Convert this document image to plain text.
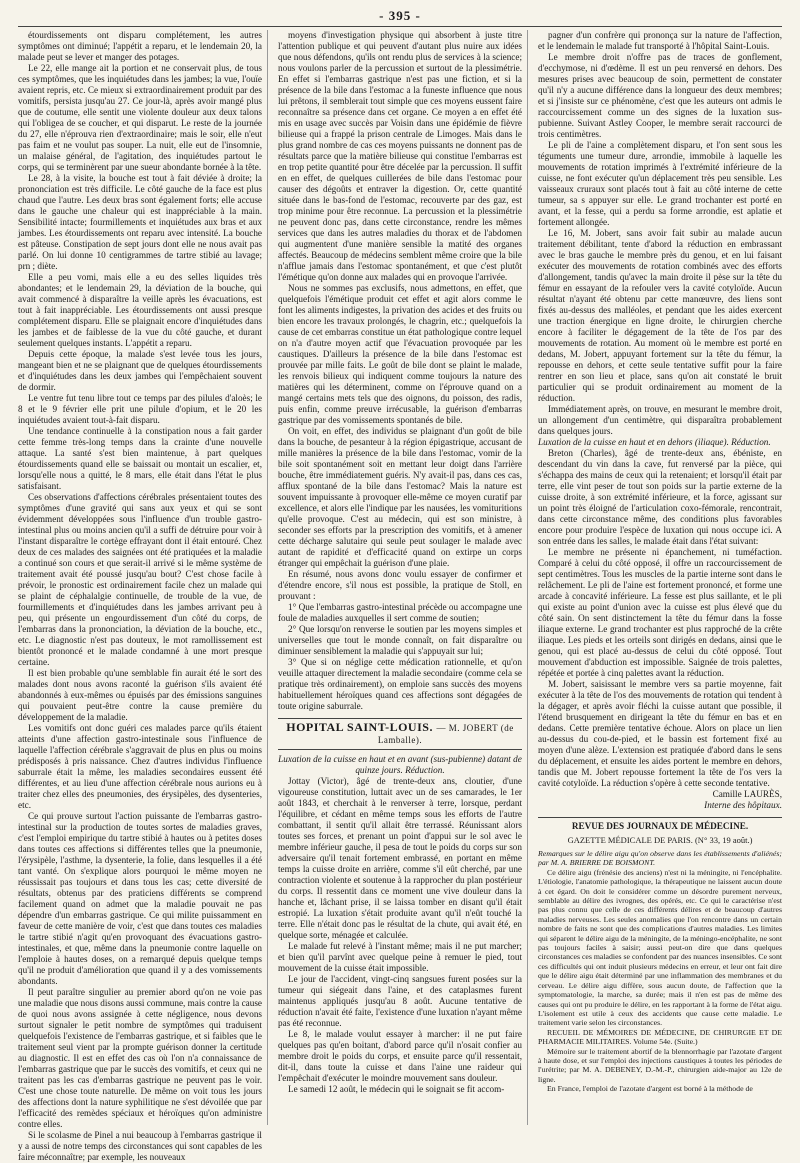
- 395 -

étourdissements ont disparu complétement, les autres symptômes ont diminué; l'appétit a reparu, et le lendemain 20, la malade peut se lever et manger des potages.

Le 22, elle mange ait la portion et ne conservait plus, de tous ces symptômes, que les inquiétudes dans les jambes; la vue, l'ouïe avaient repris, etc. Ce mieux si extraordinairement produit par des vomitifs, persista jusqu'au 27. Ce jour-là, après avoir mangé plus que de coutume, elle sentit une violente douleur aux deux talons qui l'obligea de se coucher, et qui disparut. Le reste de la journée du 27, elle n'éprouva rien d'extraordinaire; mais le soir, elle n'eut pas faim et ne voulut pas souper. La nuit, elle eut de l'insomnie, un malaise général, de l'agitation, des inquiétudes partout le corps, qui se terminèrent par une sueur abondante bornée à la tête.

Le 28, à la visite, la bouche est tout à fait déviée à droite; la prononciation est très difficile. Le côté gauche de la face est plus chaud que l'autre. Les deux bras sont également forts; elle accuse dans le gauche une chaleur qui est inappréciable à la main. Sensibilité intacte; fourmillements et inquiétudes aux bras et aux jambes. Les étourdissements ont reparu avec intensité. La bouche est pâteuse. Constipation de sept jours dont elle ne nous avait pas parlé. On lui donne 10 centigrammes de tartre stibié au lavage; prn ; diète.

Elle a peu vomi, mais elle a eu des selles liquides très abondantes; et le lendemain 29, la déviation de la bouche, qui avait commencé à disparaître la veille après les évacuations, est tout à fait inappréciable. Les étourdissements ont aussi presque complétement disparu. Elle se plaignait encore d'inquiétudes dans les jambes et de faiblesse de la vue du côté gauche, et durant seulement quelques instants. L'appétit a reparu.

Depuis cette époque, la malade s'est levée tous les jours, mangeant bien et ne se plaignant que de quelques étourdissements et d'inquiétudes dans les deux jambes qui l'empêchaient souvent de dormir.

Le ventre fut tenu libre tout ce temps par des pilules d'aloès; le 8 et le 9 février elle prit une pilule d'opium, et le 20 les inquiétudes avaient tout-à-fait disparu.

Une tendance continuelle à la constipation nous a fait garder cette femme très-long temps dans la crainte d'une nouvelle attaque. La santé s'est bien maintenue, à part quelques étourdissements quand elle se baissait ou montait un escalier, et, lorsqu'elle nous a quitté, le 8 mars, elle était dans l'état le plus satisfaisant.

Ces observations d'affections cérébrales présentaient toutes des symptômes d'une gravité qui sans aux yeux et qui se sont évidemment développées sous l'influence d'un trouble gastro-intestinal plus ou moins ancien qu'il a suffi de détruire pour voir à l'instant disparaître le cortège effrayant dont il était entouré. Chez deux de ces malades des saignées ont été pratiquées et la maladie a continué son cours et que serait-il arrivé si le même système de traitement avait été poussé jusqu'au bout? C'est chose facile à prévoir, le pronostic est ordinairement facile chez un malade qui se plaint de céphalalgie continuelle, de trouble de la vue, de fourmillements et d'inquiétudes dans les jambes arrivant peu à peu, qui présente un engourdissement d'un côté du corps, de l'embarras dans la prononciation, la déviation de la bouche, etc., etc. Le diagnostic n'est pas douteux, le mot ramollissement est bientôt prononcé et le malade condamné à une mort presque certaine.

Il est bien probable qu'une semblable fin aurait été le sort des malades dont nous avons raconté la guérison s'ils avaient été abandonnés à eux-mêmes ou épuisés par des émissions sanguines qui pouvaient peut-être contre la cause première du développement de la maladie.

Les vomitifs ont donc guéri ces malades parce qu'ils étaient atteints d'une affection gastro-intestinale sous l'influence de laquelle l'affection cérébrale s'aggravait de plus en plus ou moins prédisposés à pris naissance. Chez d'autres individus l'influence saburrale était la même, les maladies secondaires eussent été différentes, et au lieu d'une affection cérébrale nous aurions eu à traiter chez elles des pneumonies, des érysipèles, des dysenteries, etc.

Ce qui prouve surtout l'action puissante de l'embarras gastro-intestinal sur la production de toutes sortes de maladies graves, c'est l'emploi empirique du tartre stibié à hautes ou à petites doses dans toutes ces affections si différentes telles que la pneumonie, l'érysipèle, l'asthme, la dysenterie, la folie, dans lesquelles il a été tant vanté. On s'explique alors pourquoi le même moyen ne réussissait pas toujours et dans tous les cas; cette diversité de résultats, obtenus par des praticiens différents se comprend facilement quand on admet que la maladie pouvait ne pas dépendre d'un embarras gastrique. Ce qui milite puissamment en faveur de cette manière de voir, c'est que dans toutes ces maladies le tartre stibié n'agit qu'en provoquant des évacuations gastro-intestinales, et que, même dans la pneumonie contre laquelle on l'emploie à hautes doses, on a remarqué depuis quelque temps qu'il ne produit d'amélioration que quand il y a des vomissements abondants.

Il peut paraître singulier au premier abord qu'on ne voie pas une maladie que nous disons aussi commune, mais contre la cause de quoi nous avons assignée à cette négligence, nous devons surtout signaler le petit nombre de symptômes qui traduisent quelquefois l'existence de l'embarras gastrique, et si faibles que le traitement seul vient par la prompte guérison donner la certitude au diagnostic. Il est en effet des cas où l'on n'a connaissance de l'embarras gastrique que par le succès des vomitifs, et ceux qui ne traitent pas les cas d'embarras gastrique ne peuvent pas le voir. C'est une chose toute naturelle. De même on voit tous les jours des affections dont la nature syphilitique ne s'est dévoilée que par l'efficacité des remèdes spéciaux et héroïques qu'on administre contre elles.

Si le scolasme de Pinel a nui beaucoup à l'embarras gastrique il y a aussi de notre temps des circonstances qui sont capables de les faire méconnaître; par exemple, les nouveaux

moyens d'investigation physique qui absorbent à juste titre l'attention publique et qui peuvent d'autant plus nuire aux idées que nous défendons, qu'ils ont rendu plus de services à la science; nous voulons parler de la percussion et surtout de la plessimétrie. En effet si l'embarras gastrique n'est pas une fiction, et si la présence de la bile dans l'estomac a la funeste influence que nous lui prêtons, il semblerait tout simple que ces moyens eussent faire reconnaître sa présence dans cet organe. Ce moyen a en effet été mis en usage avec succès par Voisin dans une épidémie de fièvre bilieuse qui a frappé la prison centrale de Limoges. Mais dans le plus grand nombre de cas ces moyens puissants ne donnent pas de résultats parce que la matière bilieuse qui constitue l'embarras est en trop petite quantité pour être décelée par la percussion. Il suffit en en effet, de quelques cuillerées de bile dans l'estomac pour causer des dégoûts et entraver la digestion. Or, cette quantité située dans le bas-fond de l'estomac, recouverte par des gaz, est trop minime pour être reconnue. La percussion et la plessimétrie ne peuvent donc pas, dans cette circonstance, rendre les mêmes services que dans les autres maladies du thorax et de l'abdomen qui augmentent d'une manière sensible la matité des organes affectés. Beaucoup de médecins semblent même croire que la bile n'affluе jamais dans l'estomac spontanément, et que c'est plutôt l'émétique qu'on donne aux malades qui en provoque l'arrivée.

Nous ne sommes pas exclusifs, nous admettons, en effet, que quelquefois l'émétique produit cet effet et agit alors comme le font les aliments indigestes, la privation des acides et des fruits ou bien encore les travaux prolongés, le chagrin, etc.; quelquefois la cause de cet embarras constitue un état pathologique contre lequel on n'a d'autre moyen actif que l'évacuation provoquée par les caustiques. D'ailleurs la présence de la bile dans l'estomac est prouvée par mille faits. Le goût de bile dont se plaint le malade, les renvois bilieux qui indiquent comme toujours la nature des matières qui les déterminent, comme on l'éprouve quand on a mangé certains mets tels que des oignons, du poisson, des radis, puis enfin, comme preuve irrécusable, la guérison d'embarras gastrique par des vomissements spontanés de bile.

On voit, en effet, des individus se plaignant d'un goût de bile dans la bouche, de pesanteur à la région épigastrique, accusant de mille manières la présence de la bile dans l'estomac, vomir de la bile soit spontanément soit en mettant leur doigt dans l'arrière bouche, être immédiatement guéris. N'y avait-il pas, dans ces cas, afflux spontané de la bile dans l'estomac? Mais la nature est souvent impuissante à provoquer elle-même ce moyen curatif par excellence, et alors elle l'indique par les nausées, les vomituritions qu'elle provoque. C'est au médecin, qui est son ministre, à seconder ses efforts par la prescription des vomitifs, et à amener cette décharge salutaire qui seule peut soulager le malade avec autant de rapidité et d'efficacité quand on extirpe un corps étranger qui empêchait la guérison d'une plaie.

En résumé, nous avons donc voulu essayer de confirmer et d'étendre encore, s'il nous est possible, la pratique de Stoll, en prouvant :

1° Que l'embarras gastro-intestinal précède ou accompagne une foule de maladies auxquelles il sert comme de soutien;

2° Que lorsqu'on renverse le soutien par les moyens simples et universelles que tout le monde connaît, on fait disparaître ou diminuer sensiblement la maladie qui s'appuyait sur lui;

3° Que si on néglige cette médication rationnelle, et qu'on veuille attaquer directement la maladie secondaire (comme cela se pratique très ordinairement), on emploie sans succès des moyens habituellement héroïques quand ces affections sont dégagées de toute origine saburrale.

HOPITAL SAINT-LOUIS. — M. JOBERT (de Lamballe).

Luxation de la cuisse en haut et en avant (sus-pubienne) datant de quinze jours. Réduction.

Jottay (Victor), âgé de trente-deux ans, cloutier, d'une vigoureuse constitution, luttait avec un de ses camarades, le 1er août 1843, et cherchait à le renverser à terre, lorsque, perdant l'équilibre, et cédant en même temps sous les efforts de l'autre combattant, il sentit qu'il allait être terrassé. Réunissant alors toutes ses forces, et prenant un point d'appui sur le sol avec le membre inférieur gauche, il pesa de tout le poids du corps sur son adversaire qu'il tenait fortement embrassé, en portant en même temps la cuisse droite en arrière, comme s'il eût cherché, par une contraction violente et soutenue à la rapprocher du plan postérieur du corps. Il ressentit dans ce moment une vive douleur dans la hanche et, lâchant prise, il se laissa tomber en disant qu'il était estropié. La luxation s'était produite avant qu'il n'eût touché la terre. Elle n'était donc pas le résultat de la chute, qui avait été, en quelque sorte, ménagée et calculée.

Le malade fut relevé à l'instant même; mais il ne put marcher; et bien qu'il parvînt avec quelque peine à remuer le pied, tout mouvement de la cuisse était impossible.

Le jour de l'accident, vingt-cinq sangsues furent posées sur la tumeur qui siégeait dans l'aine, et des cataplasmes furent maintenus appliqués jusqu'au 8 août. Aucune tentative de réduction n'avait été faite, l'existence d'une luxation n'ayant même pas été reconnue.

Le 8, le malade voulut essayer à marcher: il ne put faire quelques pas qu'en boitant, d'abord parce qu'il n'osait confier au membre droit le poids du corps, et ensuite parce qu'il ressentait, dit-il, dans toute la cuisse et dans l'aine une raideur qui l'empêchait d'exécuter le moindre mouvement sans douleur.

Le samedi 12 août, le médecin qui le soignait se fit accom-

pagner d'un confrère qui prononça sur la nature de l'affection, et le lendemain le malade fut transporté à l'hôpital Saint-Louis.

Le membre droit n'offre pas de traces de gonflement, d'ecchymose, ni d'œdème. Il est un peu renversé en dehors. Des mesures prises avec beaucoup de soin, permettent de constater qu'il n'y a aucune différence dans la longueur des deux membres; et si j'insiste sur ce phénomène, c'est que les auteurs ont admis le raccourcissement comme un des signes de la luxation sus-pubienne. Suivant Astley Cooper, le membre serait raccourci de trois centimètres.

Le pli de l'aine a complètement disparu, et l'on sent sous les téguments une tumeur dure, arrondie, immobile à laquelle les mouvements de rotation imprimés à l'extrémité inférieure de la cuisse, ne font exécuter qu'un déplacement très peu sensible. Les vaisseaux cruraux sont placés tout à fait au côté interne de cette tumeur, sa s appuyer sur elle. Le grand trochanter est porté en avant, et la fesse, qui a perdu sa forme arrondie, est aplatie et fortement allongée.

Le 16, M. Jobert, sans avoir fait subir au malade aucun traitement débilitant, tente d'abord la réduction en embrassant avec le bras gauche le membre près du genou, et en lui faisant exécuter des mouvements de rotation combinés avec des efforts d'allongement, tandis qu'avec la main droite il pèse sur la tête du fémur en essayant de la refouler vers la cavité cotyloïde. Aucun résultat n'ayant été obtenu par cette manœuvre, des liens sont fixés au-dessus des malléoles, et pendant que les aides exercent une traction énergique en ligne droite, le chirurgien cherche encore à faciliter le dégagement de la tête de l'os par des mouvements de rotation. Au moment où le membre est porté en dedans, M. Jobert, appuyant fortement sur la tête du fémur, la repousse en dehors, et cette seule tentative suffit pour la faire rentrer en son lieu et place, sans qu'on ait constaté le bruit particulier qui se produit ordinairement au moment de la réduction.

Immédiatement après, on trouve, en mesurant le membre droit, un allongement d'un centimètre, qui disparaîtra probablement dans quelques jours.

Luxation de la cuisse en haut et en dehors (iliaque). Réduction.

Breton (Charles), âgé de trente-deux ans, ébéniste, en descendant du vin dans la cave, fut renversé par la pièce, qui s'échappa des mains de ceux qui la retenaient; et lorsqu'il était par terre, elle vint peser de tout son poids sur la partie externe de la cuisse droite, à son extrémité inférieure, et la force, agissant sur un point très éloigné de l'articulation coxo-fémorale, rencontrait, dans cette circonstance même, des conditions plus favorables encore pour produire l'espèce de luxation qui nous occupe ici. A son entrée dans les salles, le malade était dans l'état suivant:

Le membre ne présente ni épanchement, ni tuméfaction. Comparé à celui du côté opposé, il offre un raccourcissement de sept centimètres. Tous les muscles de la partie interne sont dans le relâchement. Le pli de l'aine est fortement prononcé, et forme une arcade à concavité inférieure. La fesse est plus saillante, et le pli qui existe au point d'union avec la cuisse est plus élevé que du côté sain. On sent distinctement la tête du fémur dans la fosse iliaque externe. Le grand trochanter est plus rapproché de la crête iliaque. Les pieds et les orteils sont dirigés en dedans, ainsi que le genou, qui est placé au-dessus de celui du côté opposé. Tout mouvement d'abduction est impossible. Saignée de trois palettes, répétée et portée à cinq palettes avant la réduction.

M. Jobert, saisissant le membre vers sa partie moyenne, fait exécuter à la tête de l'os des mouvements de rotation qui tendent à la dégager, et après avoir fléchi la cuisse autant que possible, il l'étend brusquement en dirigeant la tête du fémur en bas et en dedans. Cette première tentative échoue. Alors on place un lien au-dessus du cou-de-pied, et le bassin est fortement fixé au moyen d'une alèze. L'extension est pratiquée d'abord dans le sens du déplacement, et ensuite les aides portent le membre en dehors, tandis que M. Jobert repousse fortement la tête de l'os vers la cavité cotyloïde. La réduction s'opère à cette seconde tentative.

Camille LAURÈS,

Interne des hôpitaux.

REVUE DES JOURNAUX DE MÉDECINE.
GAZETTE MÉDICALE DE PARIS. (N° 33, 19 août.)

Remarques sur le délire aigu qu'on observe dans les établissements d'aliénés; par M. A. BRIERRE DE BOISMONT.

Ce délire aigu (frénésie des anciens) n'est ni la méningite, ni l'encéphalite. L'étiologie, l'anatomie pathologique, la thérapeutique ne laissent aucun doute à cet égard. On doit le considérer comme un désordre purement nerveux, semblable au délire des ivrognes, des opérés, etc. Ce qui le caractérise n'est pas plus connu que celle de ces différents délires et de beaucoup d'autres maladies nerveuses. Les seules anomalies que l'on rencontre dans un certain nombre de faits ne sont que des complications d'autres maladies. Les limites qui séparent le délire aigu de la méningite, de la méningo-encéphalite, ne sont pas toujours faciles à saisir; aussi peut-on dire que dans quelques circonstances ces maladies se confondent par des nuances insensibles. Ce sont ces difficultés qui ont induit plusieurs médecins en erreur, et leur ont fait dire que le délire aigu était déterminé par une inflammation des membranes et du cerveau. Le délire aigu diffère, sous aucun doute, de l'affection que la symptomatologie, la marche, sa durée; mais il n'en est pas de même des causes qui ont pu produire le délire, en les rapportant à la forme de l'état aigu. L'isolement est utile à ceux des accidents que cause cette maladie. Le traitement varie selon les circonstances.

RECUEIL DE MÉMOIRES DE MÉDECINE, DE CHIRURGIE ET DE PHARMACIE MILITAIRES. Volume 54e. (Suite.)

Mémoire sur le traitement abortif de la blennorrhagie par l'azotate d'argent à haute dose, et sur l'emploi des injections caustiques à toutes les périodes de l'urétrite; par M. A. DEBENEY, D.-M.-P., chirurgien aide-major au 12e de ligne.

En France, l'emploi de l'azotate d'argent est borné à la méthode de
